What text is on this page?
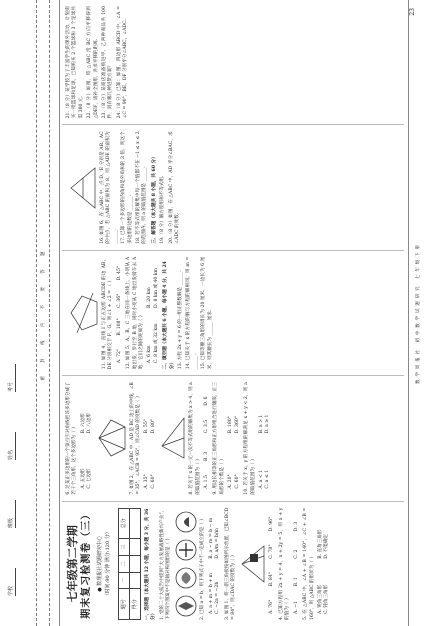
学校
班级
姓名
考号
密 封 线 内 不 要 答 题
七年级第二学期 期末复习检测卷（三）	● 数理报社试题研究中心 （时间:90 分钟 满分:120 分）
题号	一	二	三	总分
得分				一、选择题（本大题共 12 小题，每小题 3 分，共 36 分） 1. 党的二十大报告中提到“大力发展战略性新兴产业”，下列四个图案中不是轴对称图形的是（ ）	2. 已知 a = b，则下列式子中不一定成立的是（ ） A. a + m = b + m
B. a − m = b − m
C. −2a = −2b
D. a/m = b/m 3. 如图 1，将一副三角板按如图所示放置，已知∠BCD = 84°，则∠DAC 的度数为（ ）	A. 76°
B. 84°
C. 78°
D. 96° 4. 已知方程组 2x + y = 4，x + 2y = 5，则 x + y 的值为（ ） A. −1
B. 1
C. 2
D. 3 5. 在 △ABC 中，∠A + ∠B = 140°，∠C + ∠B = 160°，则 △ABC 的形状为（ ） A. 锐角三角形
B. 直角三角形
C. 钝角三角形
D. 不能确定
6. 过某正多边形的一个顶点引对角线把该多边形分成了若干个三角形，这个多边形为（ ） A. 五边形
B. 六边形
C. 七边形
D. 八边形	7. 如图 2，在 △ABC 中，AD 是 BC 边上的中线，∠B = 35°，∠ACB = 95°，则∠CAD 的度数是（ ） A. 35°
B. 55°
C. 60°
D. 80°	8. 若关于 x 的一元一次不等式组的解集为 x > 4，则 a 的取值范围为（ ） A. 1.5
B. 3
C. 3.5
D. 6 9. 用边长相等的正三角形和正方形组合进行镶嵌，正三角形的个数是（ ） A. 20°
B. 180°
C. 60°
D. 360° 10. 若关于 x、y 的方程组的解满足 x + y < 2，则 a 的取值范围为（ ） A. a < 1
B. a > 1
C. a ≤ 1
D. a ≥ 1
11. 如图 4，直线 l 与正五边形 ABCDE 的边 AB、DE 分别相交于 F、G，则∠1 + ∠2 = （ ） A. 72°
B. 108°
C. 36°
D. 45° 12. 如图 5，A、B、C 三地在同一条线上，小明从 A 地出发，步行至 B 地，同时小亮从 C 地出发骑车去 A 地，它们之间的距离为（ ） A. 6 km
B. 20 km
C. 8 km 或 32 km
D. 8 km 或 40 km 二、填空题（本大题共 6 小题，每小题 4 分，共 24 分） 13. 方程 2x + y = 6 的一组正整数解是 ______. 14. 已知关于 x 的方程的解与方程的解相同，则 m = ______. 15. 已知等腰三角形的周长为 20 厘米，一边长为 6 厘米，则其腰长为 ______ 厘米.
16. 如图 6，在 △ABC 中，点 D、E 分别是 AB、AC 的中点，若 △ABC 的面积为 8，则 △ADE 的面积为 ______. 17. 已知一个多边形的内角和是外角和的 3 倍，则这个多边形的边数是 ______. 18. 若不等式组的解集中每一个值都不在 −1 ≤ x ≤ 2 的范围内，则 a 的取值范围是 ______. 三、解答题（本大题共 8 小题，共 60 分） 19.（8 分）解方程组和不等式组. 20.（8 分）如图，在 △ABC 中，AD 平分∠BAC，求∠ADC 的度数.
21.（8 分）某学校为了丰富学生的课外活动，计划购买一批篮球和足球，已知购买 2 个篮球和 3 个足球共需 380 元. 22.（8 分）如图，将 △ABC 沿 BC 方向平移得到 △DEF，请补全图形，并求平移的距离. 23.（8 分）某商店准备购进甲、乙两种商品共 100 件，问有哪几种进货方案？ 24.（8 分）已知：如图，四边形 ABCD 中，∠A = ∠C = 90°，BE、DF 分别平分∠ABC、∠ADC.
数学周报社 初中数学试题研究 七年级下册
23
